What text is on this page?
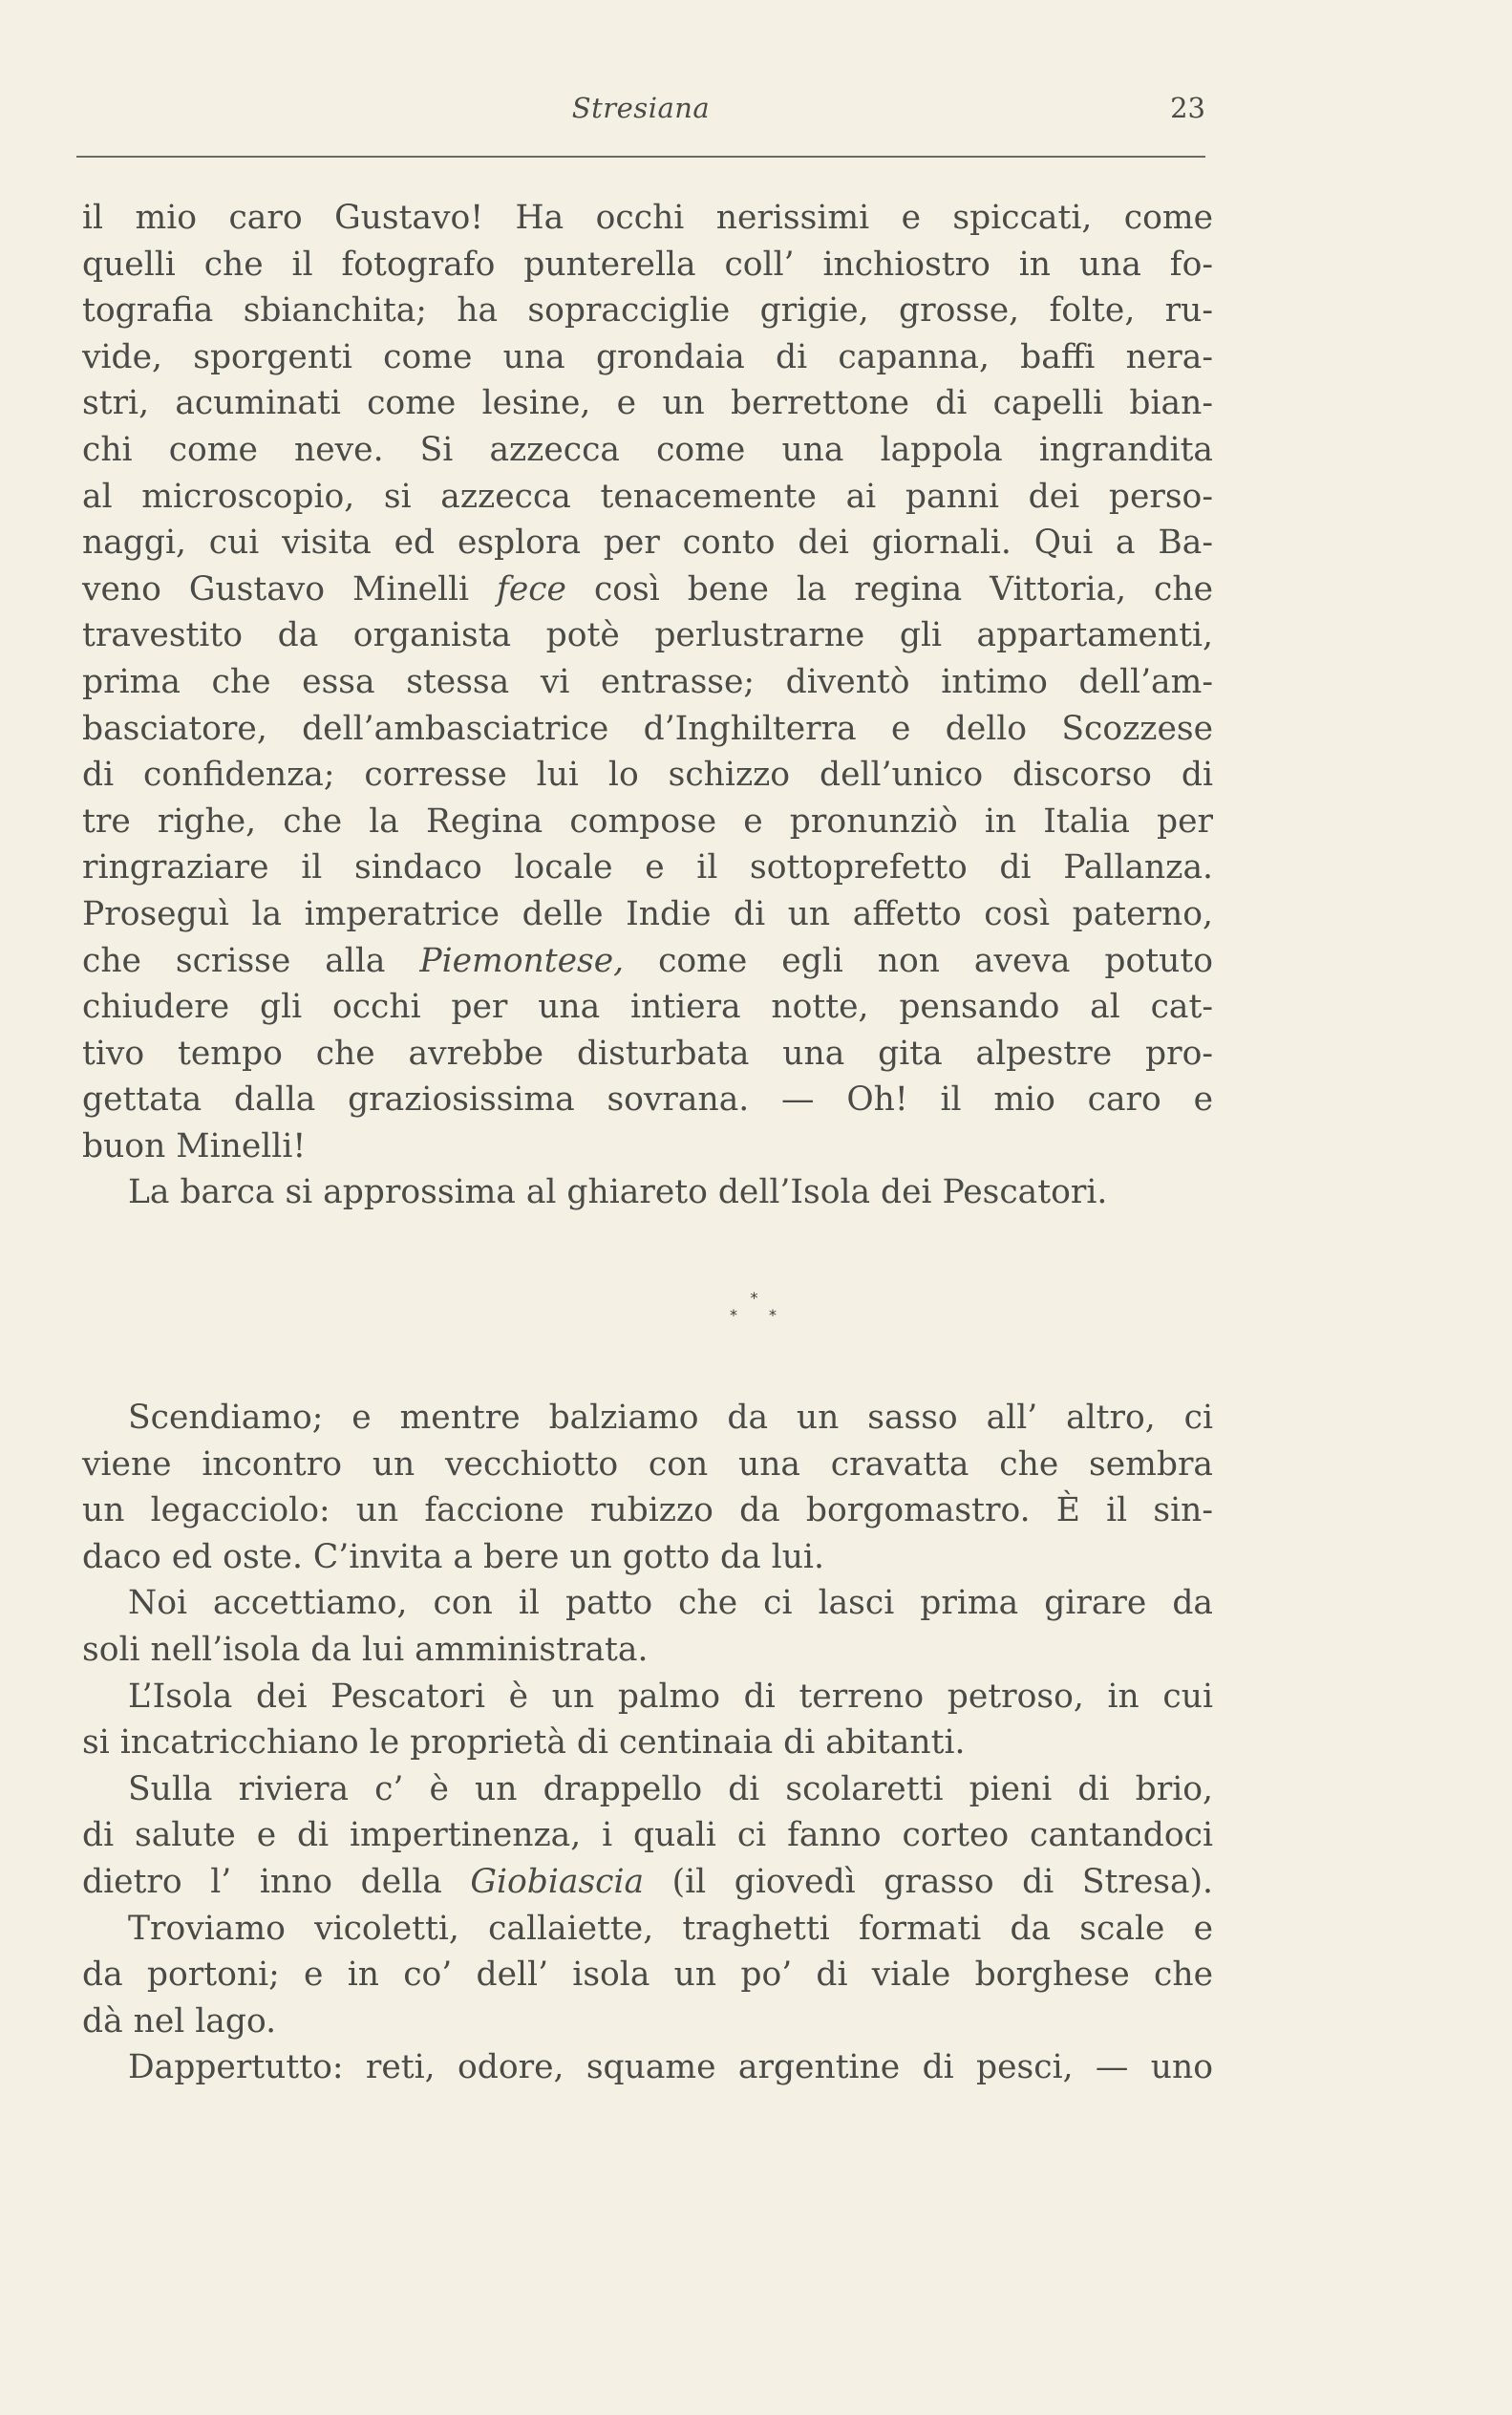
Stresiana	23
il mio caro Gustavo! Ha occhi nerissimi e spiccati, come
quelli che il fotografo punterella coll’ inchiostro in una fo-
tografia sbianchita; ha sopracciglie grigie, grosse, folte, ru-
vide, sporgenti come una grondaia di capanna, baffi nera-
stri, acuminati come lesine, e un berrettone di capelli bian-
chi come neve. Si azzecca come una lappola ingrandita
al microscopio, si azzecca tenacemente ai panni dei perso-
naggi, cui visita ed esplora per conto dei giornali. Qui a Ba-
veno Gustavo Minelli fece così bene la regina Vittoria, che
travestito da organista potè perlustrarne gli appartamenti,
prima che essa stessa vi entrasse; diventò intimo dell’am-
basciatore, dell’ambasciatrice d’Inghilterra e dello Scozzese
di confidenza; corresse lui lo schizzo dell’unico discorso di
tre righe, che la Regina compose e pronunziò in Italia per
ringraziare il sindaco locale e il sottoprefetto di Pallanza.
Proseguì la imperatrice delle Indie di un affetto così paterno,
che scrisse alla Piemontese, come egli non aveva potuto
chiudere gli occhi per una intiera notte, pensando al cat-
tivo tempo che avrebbe disturbata una gita alpestre pro-
gettata dalla graziosissima sovrana. — Oh! il mio caro e
buon Minelli!
La barca si approssima al ghiareto dell’Isola dei Pescatori.
*
* *
Scendiamo; e mentre balziamo da un sasso all’ altro, ci
viene incontro un vecchiotto con una cravatta che sembra
un legacciolo: un faccione rubizzo da borgomastro. È il sin-
daco ed oste. C’invita a bere un gotto da lui.
Noi accettiamo, con il patto che ci lasci prima girare da
soli nell’isola da lui amministrata.
L’Isola dei Pescatori è un palmo di terreno petroso, in cui
si incatricchiano le proprietà di centinaia di abitanti.
Sulla riviera c’ è un drappello di scolaretti pieni di brio,
di salute e di impertinenza, i quali ci fanno corteo cantandoci
dietro l’ inno della Giobiascia (il giovedì grasso di Stresa).
Troviamo vicoletti, callaiette, traghetti formati da scale e
da portoni; e in co’ dell’ isola un po’ di viale borghese che
dà nel lago.
Dappertutto: reti, odore, squame argentine di pesci, — uno
